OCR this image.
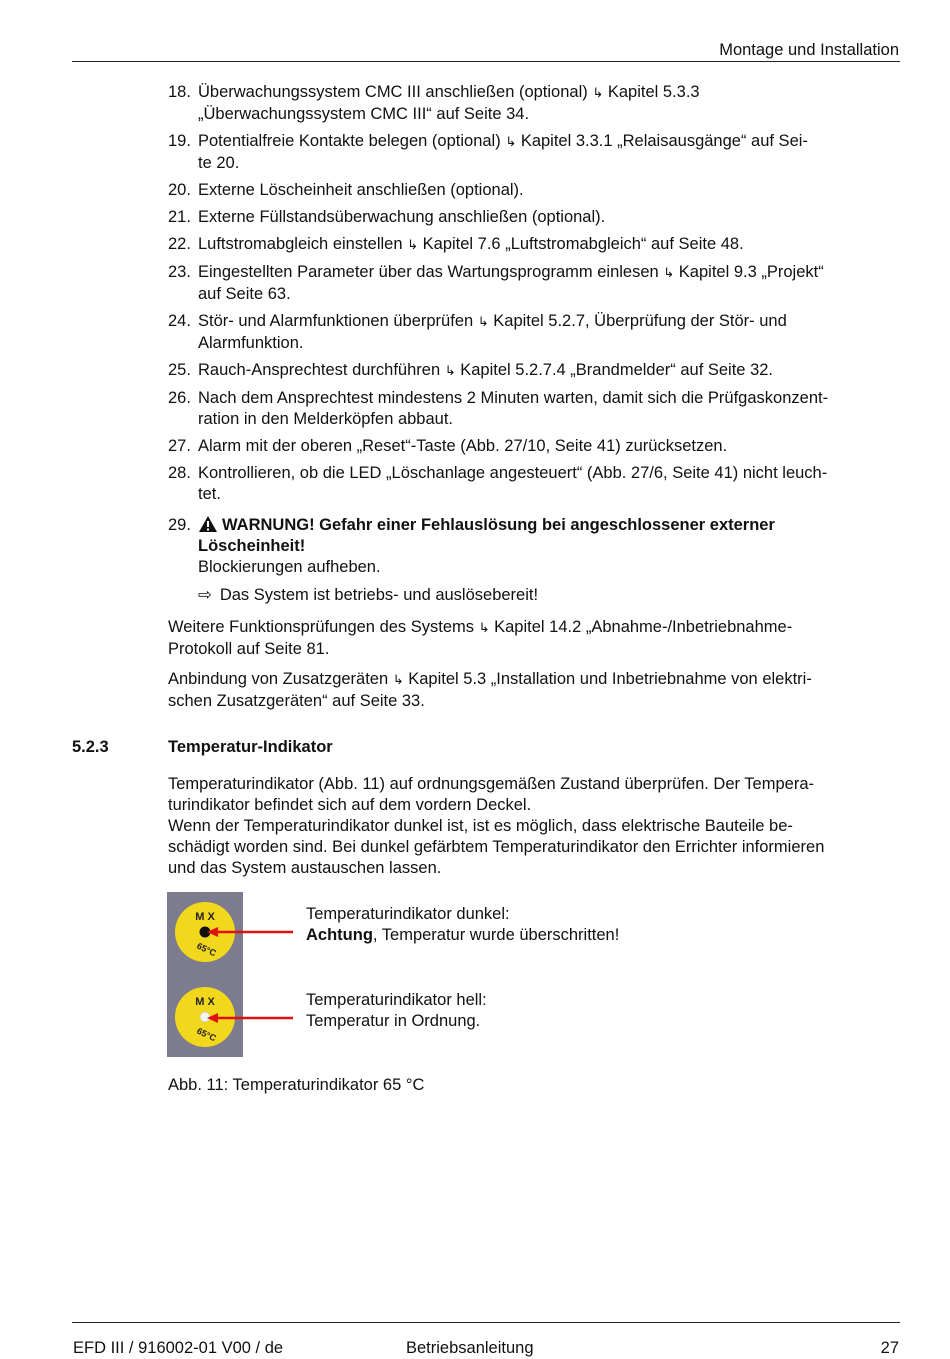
Montage und Installation
18. Überwachungssystem CMC III anschließen (optional) ↳ Kapitel 5.3.3
„Überwachungssystem CMC III“ auf Seite 34.
19. Potentialfreie Kontakte belegen (optional) ↳ Kapitel 3.3.1 „Relaisausgänge“ auf Sei-
te 20.
20. Externe Löscheinheit anschließen (optional).
21. Externe Füllstandsüberwachung anschließen (optional).
22. Luftstromabgleich einstellen ↳ Kapitel 7.6 „Luftstromabgleich“ auf Seite 48.
23. Eingestellten Parameter über das Wartungsprogramm einlesen ↳ Kapitel 9.3 „Projekt“
auf Seite 63.
24. Stör- und Alarmfunktionen überprüfen ↳ Kapitel 5.2.7, Überprüfung der Stör- und
Alarmfunktion.
25. Rauch-Ansprechtest durchführen ↳ Kapitel 5.2.7.4 „Brandmelder“ auf Seite 32.
26. Nach dem Ansprechtest mindestens 2 Minuten warten, damit sich die Prüfgaskonzent-
ration in den Melderköpfen abbaut.
27. Alarm mit der oberen „Reset“-Taste (Abb. 27/10, Seite 41) zurücksetzen.
28. Kontrollieren, ob die LED „Löschanlage angesteuert“ (Abb. 27/6, Seite 41) nicht leuch-
tet.
29.	WARNUNG! Gefahr einer Fehlauslösung bei angeschlossener externer
Löscheinheit!
Blockierungen aufheben.
⇨ Das System ist betriebs- und auslösebereit!

Weitere Funktionsprüfungen des Systems ↳ Kapitel 14.2 „Abnahme-/Inbetriebnahme-
Protokoll auf Seite 81.

Anbindung von Zusatzgeräten ↳ Kapitel 5.3 „Installation und Inbetriebnahme von elektri-
schen Zusatzgeräten“ auf Seite 33.

5.2.3	Temperatur-Indikator
Temperaturindikator (Abb. 11) auf ordnungsgemäßen Zustand überprüfen. Der Tempera-
turindikator befindet sich auf dem vordern Deckel.
Wenn der Temperaturindikator dunkel ist, ist es möglich, dass elektrische Bauteile be-
schädigt worden sind. Bei dunkel gefärbtem Temperaturindikator den Errichter informieren
und das System austauschen lassen.
M X
65°C
M X
65°C
Temperaturindikator dunkel:
Achtung, Temperatur wurde überschritten!
Temperaturindikator hell:
Temperatur in Ordnung.
Abb. 11: Temperaturindikator 65 °C
EFD III / 916002-01 V00 / de	Betriebsanleitung	27
